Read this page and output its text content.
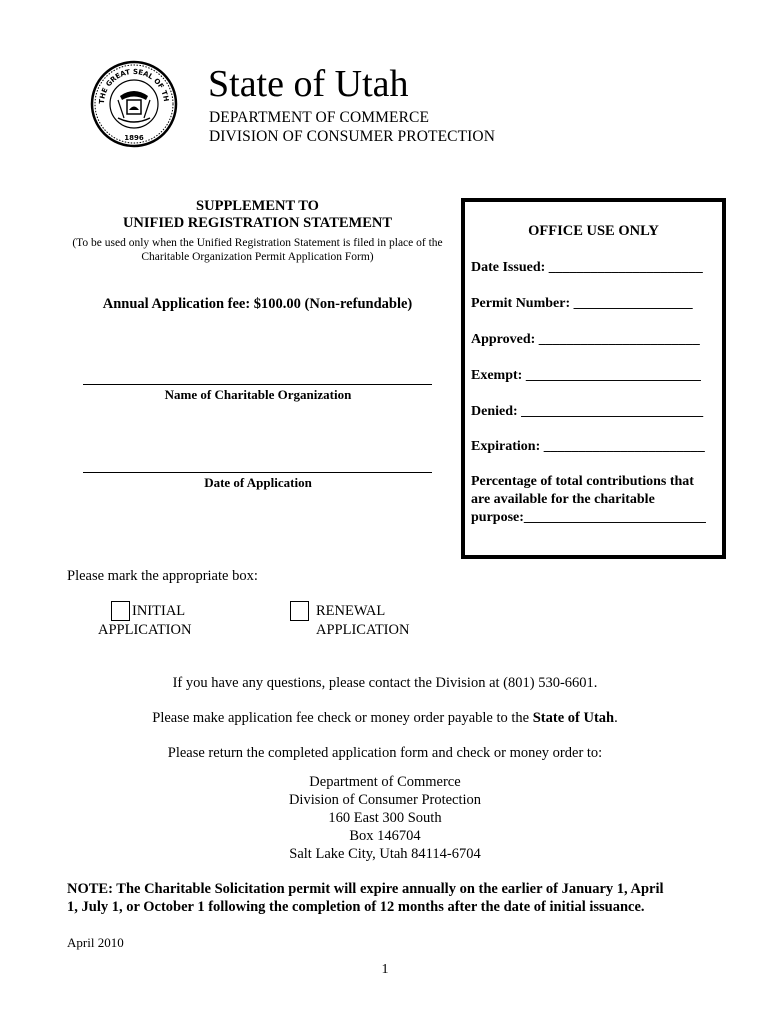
THE GREAT SEAL OF TH
1896
State of Utah
DEPARTMENT OF COMMERCE
DIVISION OF CONSUMER PROTECTION
SUPPLEMENT TO
UNIFIED REGISTRATION STATEMENT
(To be used only when the Unified Registration Statement is filed in place of the
Charitable Organization Permit Application Form)
Annual Application fee: $100.00 (Non-refundable)
Name of Charitable Organization
Date of Application
OFFICE USE ONLY
Date Issued: ______________________
Permit Number: _________________
Approved: _______________________
Exempt: _________________________
Denied: __________________________
Expiration: _______________________
Percentage of total contributions that
are available for the charitable
purpose:__________________________
Please mark the appropriate box:
INITIAL
APPLICATION
RENEWAL
APPLICATION
If you have any questions, please contact the Division at (801) 530-6601.
Please make application fee check or money order payable to the State of Utah.
Please return the completed application form and check or money order to:
Department of Commerce
Division of Consumer Protection
160 East 300 South
Box 146704
Salt Lake City, Utah 84114-6704
NOTE: The Charitable Solicitation permit will expire annually on the earlier of January 1, April
1, July 1, or October 1 following the completion of 12 months after the date of initial issuance.
April 2010
1
